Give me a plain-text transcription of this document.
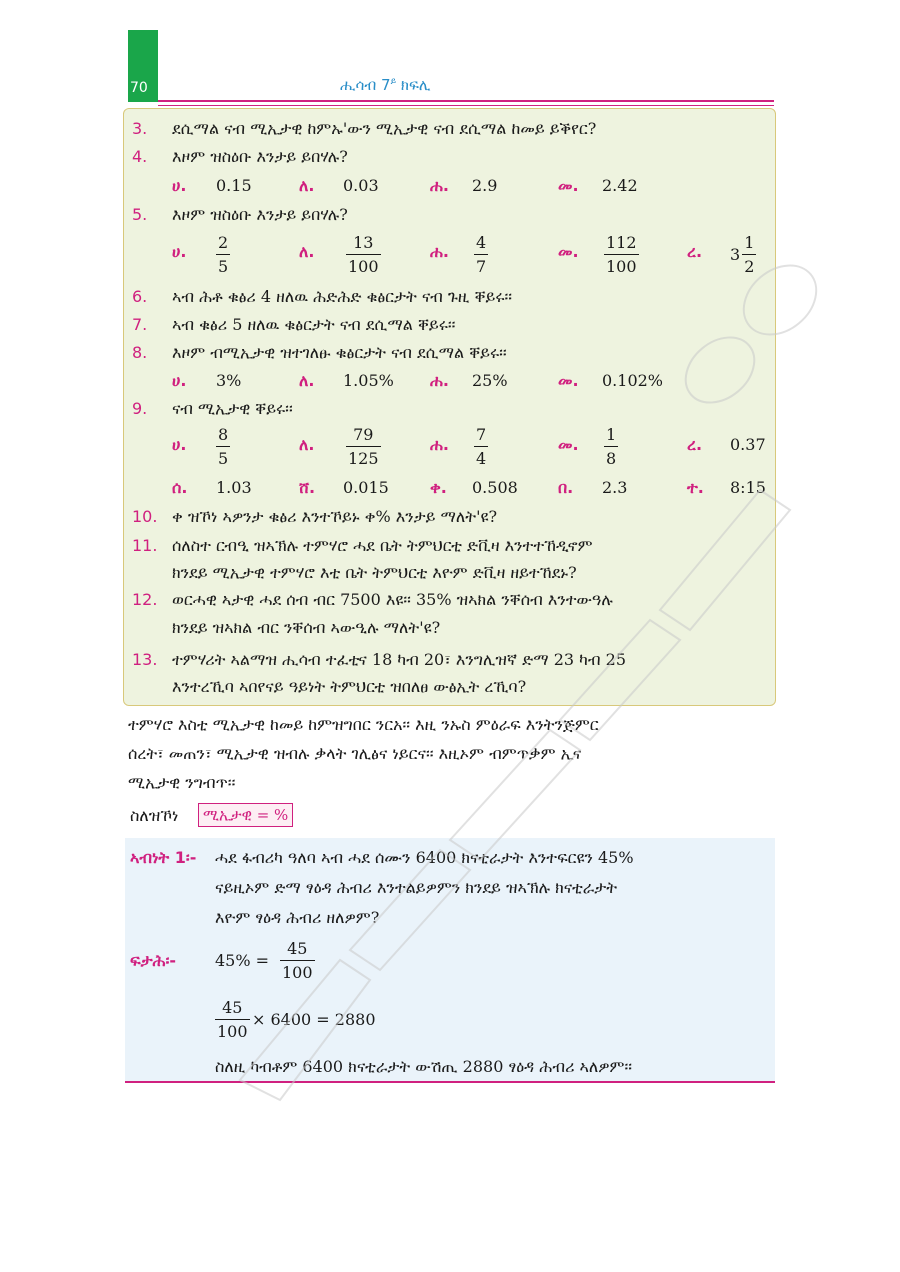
70	ሒሳብ $7^ይ$ ክፍሊ
3. ደሲማል ናብ ሚኢታዊ ከምኡ'ውን ሚኢታዊ ናብ ደሲማል ከመይ ይቕየር?
4. እዞም ዝስዕቡ እንታይ ይበሃሉ?
ሀ. 0.15	ለ. 0.03	ሐ. 2.9	መ. 2.42
5. እዞም ዝስዕቡ እንታይ ይበሃሉ?
ሀ. $\frac{2}{5}$	ለ. $\frac{13}{100}$	ሐ. $\frac{4}{7}$	መ. $\frac{112}{100}$	ረ. $3 \frac{1}{2}$
6. ኣብ ሕቶ ቁፅሪ 4 ዘለዉ ሕድሕድ ቁፅርታት ናብ ጉዚ ቐይሩ፡፡
7. ኣብ ቁፅሪ 5 ዘለዉ ቁፅርታት ናብ ደሲማል ቐይሩ፡፡
8. እዞም ብሚኢታዊ ዝተገለፁ ቁፅርታት ናብ ደሲማል ቐይሩ፡፡
ሀ. 3%	ለ. 1.05% ሐ. 25%	መ. 0.102%
9. ናብ ሚኢታዊ ቐይሩ፡፡
ሀ. $\frac{8}{5}$	ለ. $\frac{79}{125}$	ሐ. $\frac{7}{4}$	መ. $\frac{1}{8}$	ረ. 0.37
ሰ. 1.03	ሸ. 0.015	ቀ. 0.508	በ. 2.3	ተ. 8:15
10. ቀ ዝኾነ ኣዎንታ ቁፅሪ እንተኾይኑ ቀ% እንታይ ማለት'ዩ?
11. ሰለስተ ርብዒ ዝኣኽሉ ተምሃሮ ሓደ ቤት ትምህርቲ ድቪዛ እንተተኸዲኖም
ክንደይ ሚኢታዊ ተምሃሮ እቲ ቤት ትምህርቲ እዮም ድቪዛ ዘይተኸደኑ?
12. ወርሓዊ ኣታዊ ሓደ ሰብ ብር 7500 እዩ፡፡ 35% ዝኣክል ንቐሰብ እንተውዓሉ
ክንደይ ዝኣክል ብር ንቐሰብ ኣውዒሉ ማለት'ዩ?
13. ተምሃሪት ኣልማዝ ሒሳብ ተፈቲና 18 ካብ 20፣ እንግሊዝኛ ድማ 23 ካብ 25
እንተረኺባ ኣበየናይ ዓይነት ትምህርቲ ዝበለፀ ውፅኢት ረኺባ?
ተምሃሮ እስቲ ሚኢታዊ ከመይ ከምዝግበር ንርአ፡፡ እዚ ንኡስ ምዕራፍ እንትንጅምር
ሰረት፣ መጠን፣ ሚኢታዊ ዝብሉ ቃላት ገሊፅና ነይርና፡፡ እዚኦም ብምጥቃም ኢና
ሚኢታዊ ንግብጥ፡፡
ስለዝኾነ	ሚኢታዊ = %
ኣብነት 1፡- ሓደ ፋብሪካ ዓለባ ኣብ ሓደ ሰሙን 6400 ክናቲራታት እንተፍርዩን 45%
ናይዚኦም ድማ ፃዕዳ ሕብሪ እንተልይዎምን ክንደይ ዝኣኽሉ ክናቲራታት
እዮም ፃዕዳ ሕብሪ ዘለዎም?
ፍታሕ፡- $45\% = \frac{45}{100}$
$\frac{45}{100} \times 6400 = 2880$
ስለዚ ካብቶም 6400 ክናቲራታት ውሽጢ 2880 ፃዕዳ ሕብሪ ኣለዎም፡፡
